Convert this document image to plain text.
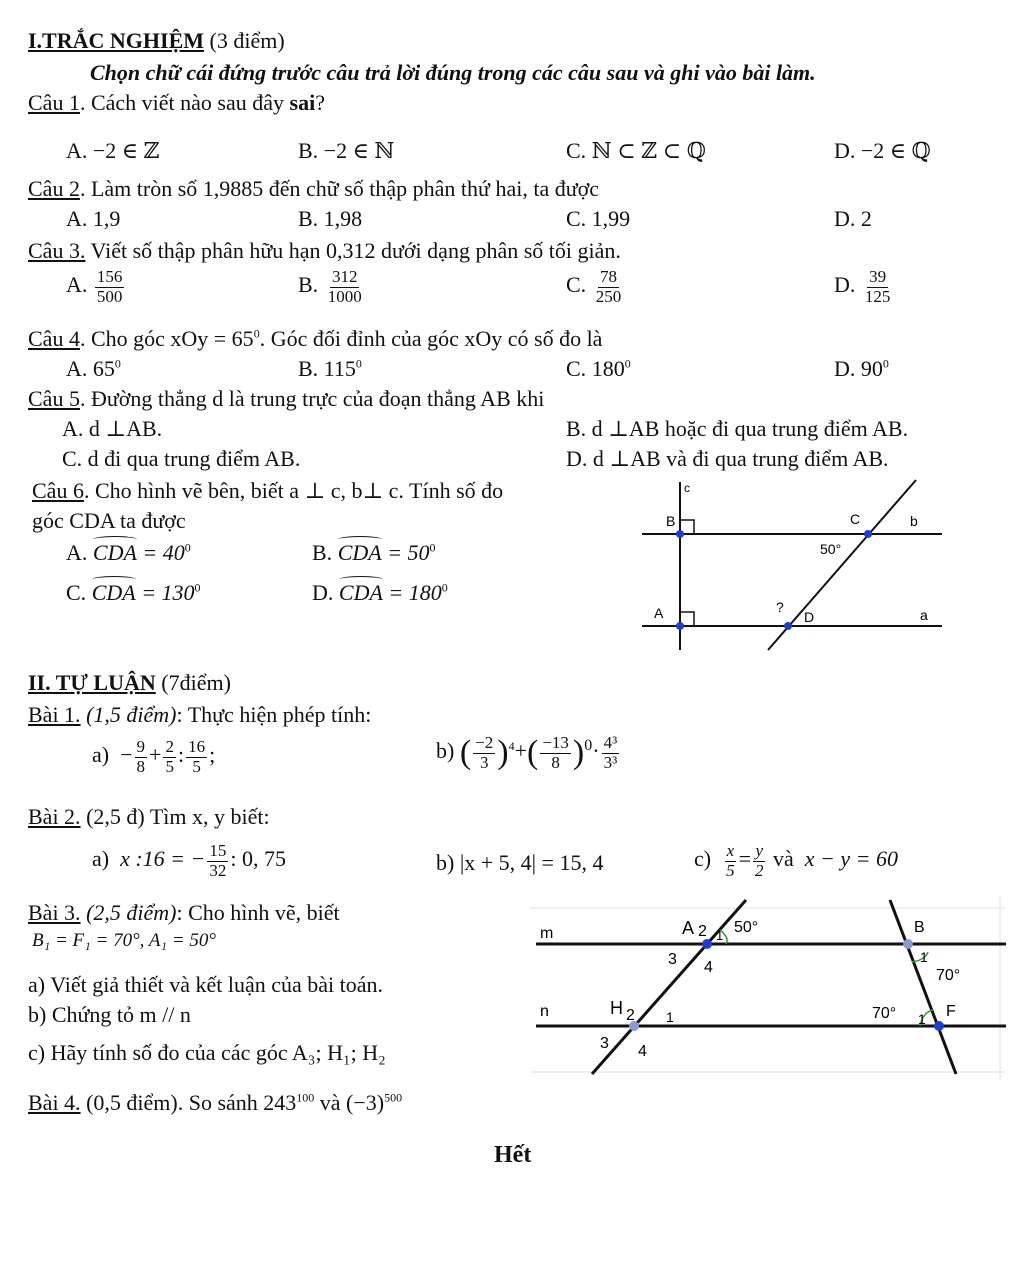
I.TRẮC NGHIỆM (3 điểm)
Chọn chữ cái đứng trước câu trả lời đúng trong các câu sau và ghi vào bài làm.
Câu 1. Cách viết nào sau đây sai?
A. −2 ∈ ℤ	B. −2 ∈ ℕ	C. ℕ ⊂ ℤ ⊂ ℚ	D. −2 ∈ ℚ
Câu 2. Làm tròn số 1,9885 đến chữ số thập phân thứ hai, ta được
A. 1,9	B. 1,98	C. 1,99	D. 2
Câu 3. Viết số thập phân hữu hạn 0,312 dưới dạng phân số tối giản.
A. $\frac{156}{500}$	B. $\frac{312}{1000}$	C. $\frac{78}{250}$	D. $\frac{39}{125}$
Câu 4. Cho góc xOy = $65^0$. Góc đối đỉnh của góc xOy có số đo là
A. $65^0$	B. $115^0$	C. $180^0$	D. $90^0$
Câu 5. Đường thẳng d là trung trực của đoạn thẳng AB khi
A. d ⊥AB.	B. d ⊥AB hoặc đi qua trung điểm AB.
C. d đi qua trung điểm AB.	D. d ⊥AB và đi qua trung điểm AB.
Câu 6. Cho hình vẽ bên, biết a ⊥ c, b⊥ c. Tính số đo
góc CDA ta được
A. CDA = $40^0$	B. CDA = $50^0$
C. CDA = $130^0$	D. CDA = $180^0$
c
B	C	b
50°
A	?
D	a
II. TỰ LUẬN (7điểm)
Bài 1. (1,5 điểm): Thực hiện phép tính:
$a) - \frac{9}{8} + \frac{2}{5}$ : $\frac{16}{5}$ ;	b) ( $\frac{-2}{3} )^4+( \frac{-13}{8} )^0\cdot \frac{\text{4³}}{\text{3³}}$
Bài 2. (2,5 đ) Tìm x, y biết:
a) x :16 = − $\frac{15}{32}$ : 0, 75	b) |x + 5, 4| = 15, 4	$c) \frac{x}{5} = \frac{y}{2}$ và x − y = 60
Bài 3. (2,5 điểm): Cho hình vẽ, biết
B₁ = F₁ = 70°, A₁ = 50°
a) Viết giả thiết và kết luận của bài toán.
b) Chứng tỏ m // n
c) Hãy tính số đo của các góc A₃; H₁; H₂
m
n
A 2 1 50°
3 4
B
1
70°
H 2 1
3 4
70° 1 F
Bài 4. (0,5 điểm). So sánh $243^{100}$ và $(-3)^{500}$
Hết
